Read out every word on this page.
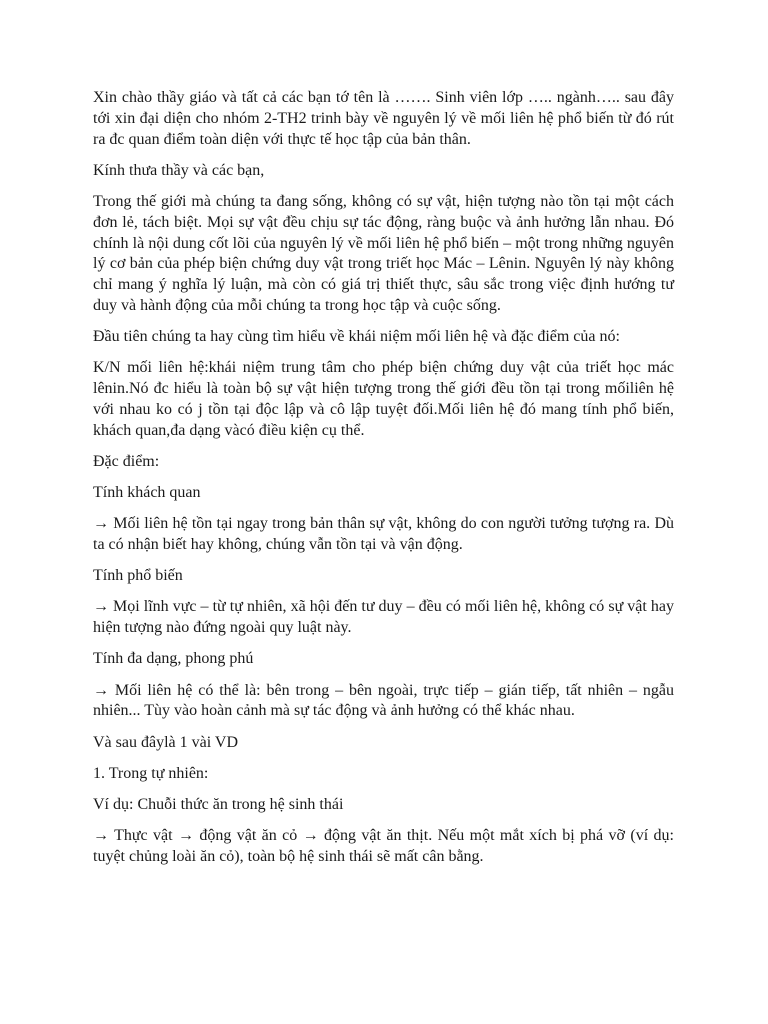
Xin chào thầy giáo và tất cả các bạn tớ tên là ……. Sinh viên lớp ….. ngành….. sau đây tới xin đại diện cho nhóm 2-TH2 trinh bày về nguyên lý về mối liên hệ phổ biến từ đó rút ra đc quan điểm toàn diện với thực tế học tập của bản thân.

Kính thưa thầy và các bạn,

Trong thế giới mà chúng ta đang sống, không có sự vật, hiện tượng nào tồn tại một cách đơn lẻ, tách biệt. Mọi sự vật đều chịu sự tác động, ràng buộc và ảnh hưởng lẫn nhau. Đó chính là nội dung cốt lõi của nguyên lý về mối liên hệ phổ biến – một trong những nguyên lý cơ bản của phép biện chứng duy vật trong triết học Mác – Lênin. Nguyên lý này không chỉ mang ý nghĩa lý luận, mà còn có giá trị thiết thực, sâu sắc trong việc định hướng tư duy và hành động của mỗi chúng ta trong học tập và cuộc sống.

Đầu tiên chúng ta hay cùng tìm hiểu về khái niệm mối liên hệ và đặc điểm của nó:

K/N mối liên hệ:khái niệm trung tâm cho phép biện chứng duy vật của triết học mác lênin.Nó đc hiểu là toàn bộ sự vật hiện tượng trong thế giới đều tồn tại trong mốiliên hệ với nhau ko có j tồn tại độc lập và cô lập tuyệt đối.Mối liên hệ đó mang tính phổ biến, khách quan,đa dạng vàcó điều kiện cụ thể.

Đặc điểm:

Tính khách quan

→ Mối liên hệ tồn tại ngay trong bản thân sự vật, không do con người tưởng tượng ra. Dù ta có nhận biết hay không, chúng vẫn tồn tại và vận động.

Tính phổ biến

→ Mọi lĩnh vực – từ tự nhiên, xã hội đến tư duy – đều có mối liên hệ, không có sự vật hay hiện tượng nào đứng ngoài quy luật này.

Tính đa dạng, phong phú

→ Mối liên hệ có thể là: bên trong – bên ngoài, trực tiếp – gián tiếp, tất nhiên – ngẫu nhiên... Tùy vào hoàn cảnh mà sự tác động và ảnh hưởng có thể khác nhau.

Và sau đâylà 1 vài VD

1. Trong tự nhiên:

Ví dụ: Chuỗi thức ăn trong hệ sinh thái

→ Thực vật → động vật ăn cỏ → động vật ăn thịt. Nếu một mắt xích bị phá vỡ (ví dụ: tuyệt chủng loài ăn cỏ), toàn bộ hệ sinh thái sẽ mất cân bằng.
